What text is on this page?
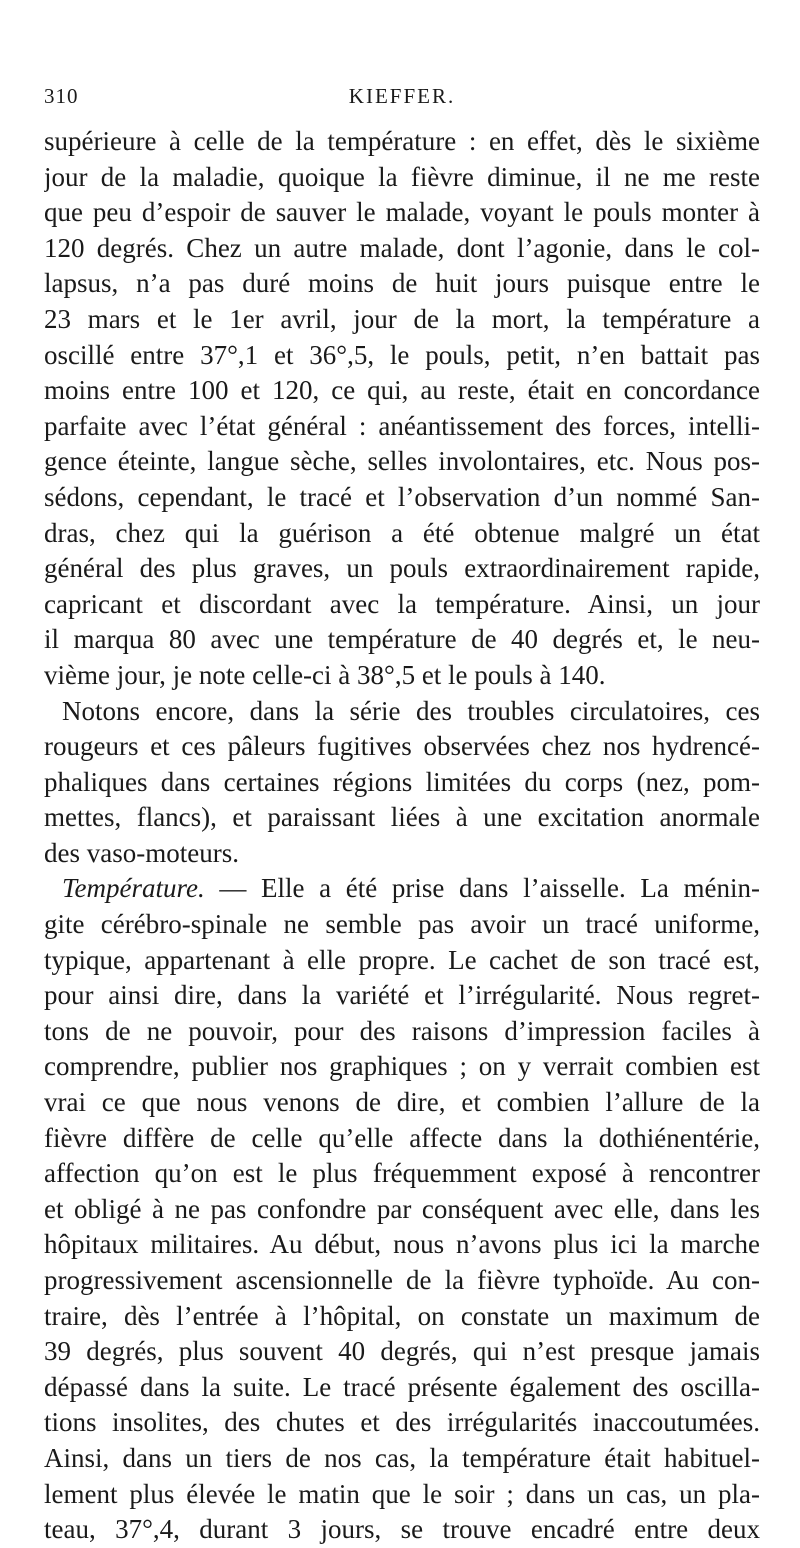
310	KIEFFER.
supérieure à celle de la température : en effet, dès le sixième
jour de la maladie, quoique la fièvre diminue, il ne me reste
que peu d’espoir de sauver le malade, voyant le pouls monter à
120 degrés. Chez un autre malade, dont l’agonie, dans le col-
lapsus, n’a pas duré moins de huit jours puisque entre le
23 mars et le 1er avril, jour de la mort, la température a
oscillé entre 37°,1 et 36°,5, le pouls, petit, n’en battait pas
moins entre 100 et 120, ce qui, au reste, était en concordance
parfaite avec l’état général : anéantissement des forces, intelli-
gence éteinte, langue sèche, selles involontaires, etc. Nous pos-
sédons, cependant, le tracé et l’observation d’un nommé San-
dras, chez qui la guérison a été obtenue malgré un état
général des plus graves, un pouls extraordinairement rapide,
capricant et discordant avec la température. Ainsi, un jour
il marqua 80 avec une température de 40 degrés et, le neu-
vième jour, je note celle-ci à 38°,5 et le pouls à 140.
Notons encore, dans la série des troubles circulatoires, ces
rougeurs et ces pâleurs fugitives observées chez nos hydrencé-
phaliques dans certaines régions limitées du corps (nez, pom-
mettes, flancs), et paraissant liées à une excitation anormale
des vaso-moteurs.
Température. — Elle a été prise dans l’aisselle. La ménin-
gite cérébro-spinale ne semble pas avoir un tracé uniforme,
typique, appartenant à elle propre. Le cachet de son tracé est,
pour ainsi dire, dans la variété et l’irrégularité. Nous regret-
tons de ne pouvoir, pour des raisons d’impression faciles à
comprendre, publier nos graphiques ; on y verrait combien est
vrai ce que nous venons de dire, et combien l’allure de la
fièvre diffère de celle qu’elle affecte dans la dothiénentérie,
affection qu’on est le plus fréquemment exposé à rencontrer
et obligé à ne pas confondre par conséquent avec elle, dans les
hôpitaux militaires. Au début, nous n’avons plus ici la marche
progressivement ascensionnelle de la fièvre typhoïde. Au con-
traire, dès l’entrée à l’hôpital, on constate un maximum de
39 degrés, plus souvent 40 degrés, qui n’est presque jamais
dépassé dans la suite. Le tracé présente également des oscilla-
tions insolites, des chutes et des irrégularités inaccoutumées.
Ainsi, dans un tiers de nos cas, la température était habituel-
lement plus élevée le matin que le soir ; dans un cas, un pla-
teau, 37°,4, durant 3 jours, se trouve encadré entre deux
